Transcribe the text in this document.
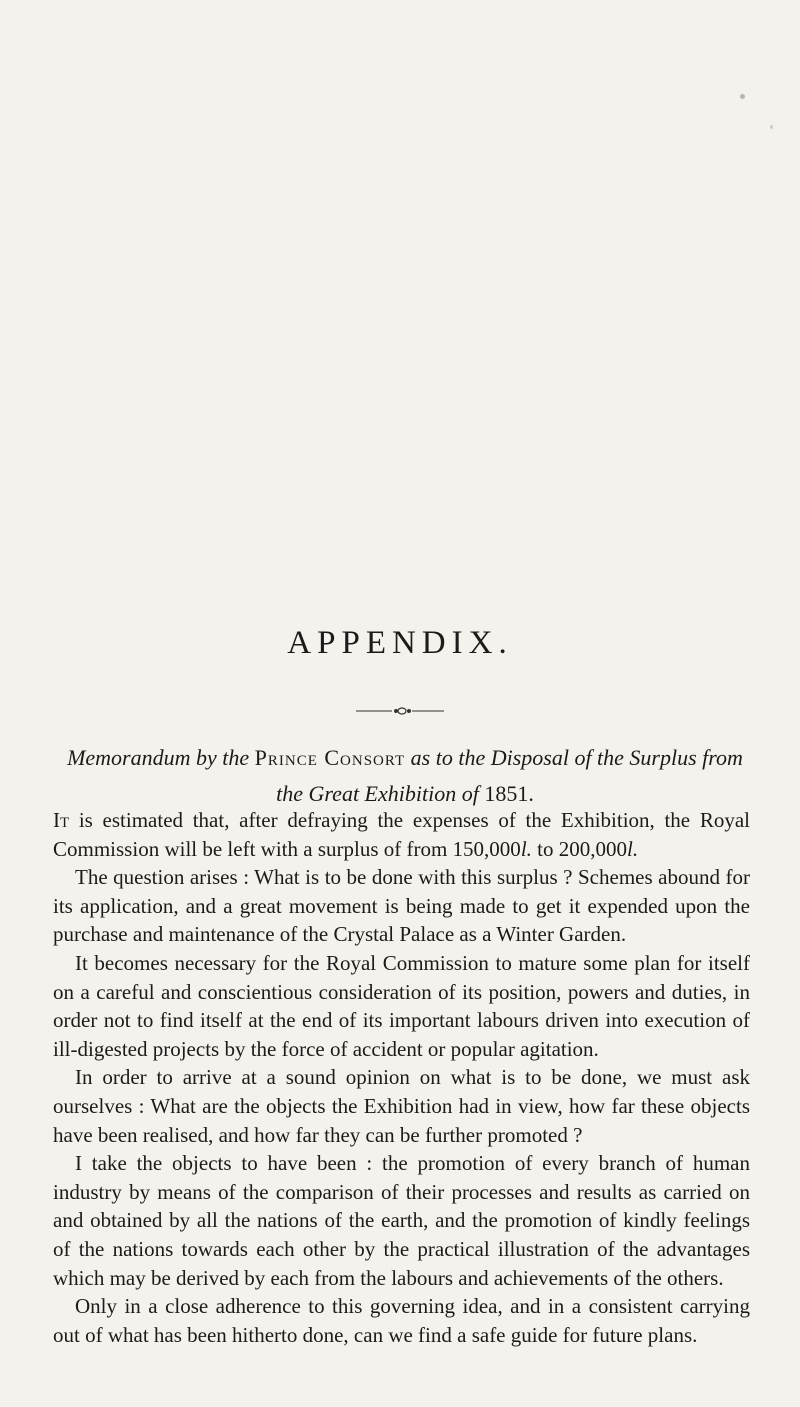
APPENDIX.
Memorandum by the Prince Consort as to the Disposal of the Surplus from the Great Exhibition of 1851.

It is estimated that, after defraying the expenses of the Exhibition, the Royal Commission will be left with a surplus of from 150,000l. to 200,000l.

The question arises : What is to be done with this surplus ? Schemes abound for its application, and a great movement is being made to get it expended upon the purchase and maintenance of the Crystal Palace as a Winter Garden.

It becomes necessary for the Royal Commission to mature some plan for itself on a careful and conscientious consideration of its position, powers and duties, in order not to find itself at the end of its important labours driven into execution of ill-digested projects by the force of accident or popular agitation.

In order to arrive at a sound opinion on what is to be done, we must ask ourselves : What are the objects the Exhibition had in view, how far these objects have been realised, and how far they can be further promoted ?

I take the objects to have been : the promotion of every branch of human industry by means of the comparison of their processes and results as carried on and obtained by all the nations of the earth, and the promotion of kindly feelings of the nations towards each other by the practical illustration of the advantages which may be derived by each from the labours and achievements of the others.

Only in a close adherence to this governing idea, and in a consistent carrying out of what has been hitherto done, can we find a safe guide for future plans.
